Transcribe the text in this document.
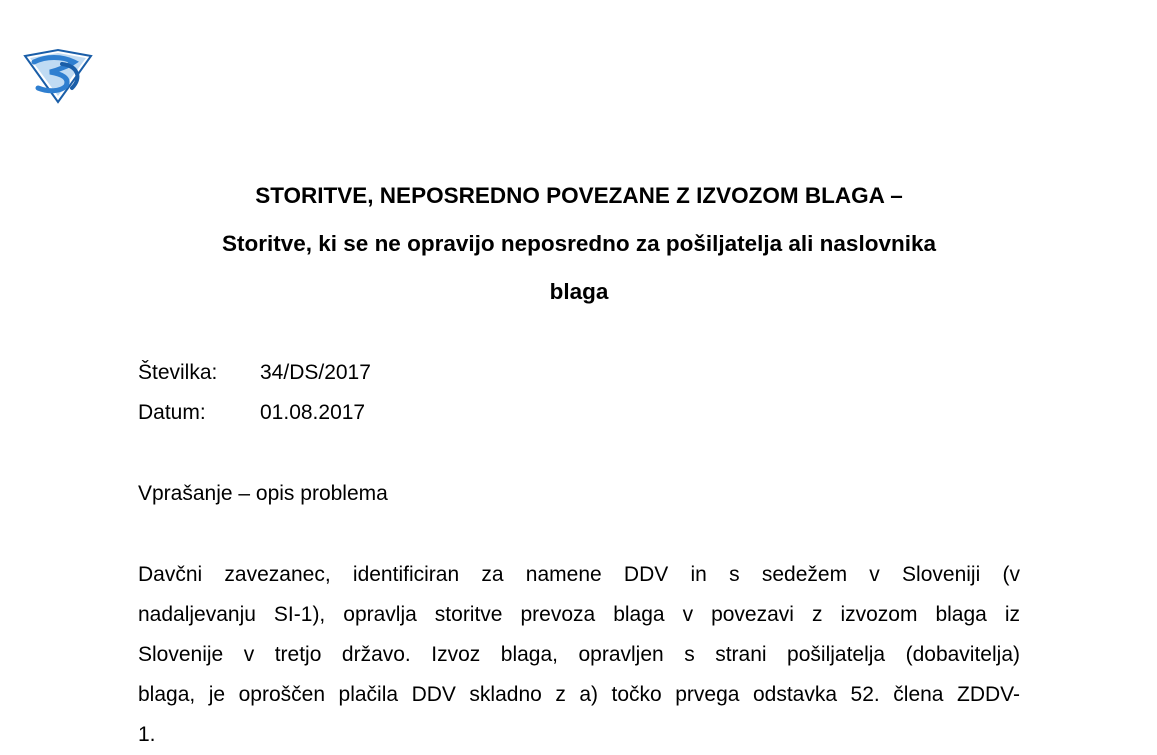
STORITVE, NEPOSREDNO POVEZANE Z IZVOZOM BLAGA –
Storitve, ki se ne opravijo neposredno za pošiljatelja ali naslovnika
blaga
Številka: 34/DS/2017
Datum:	01.08.2017
Vprašanje – opis problema
Davčni zavezanec, identificiran za namene DDV in s sedežem v Sloveniji (v
nadaljevanju SI-1), opravlja storitve prevoza blaga v povezavi z izvozom blaga iz
Slovenije v tretjo državo. Izvoz blaga, opravljen s strani pošiljatelja (dobavitelja)
blaga, je oproščen plačila DDV skladno z a) točko prvega odstavka 52. člena ZDDV-
1.
